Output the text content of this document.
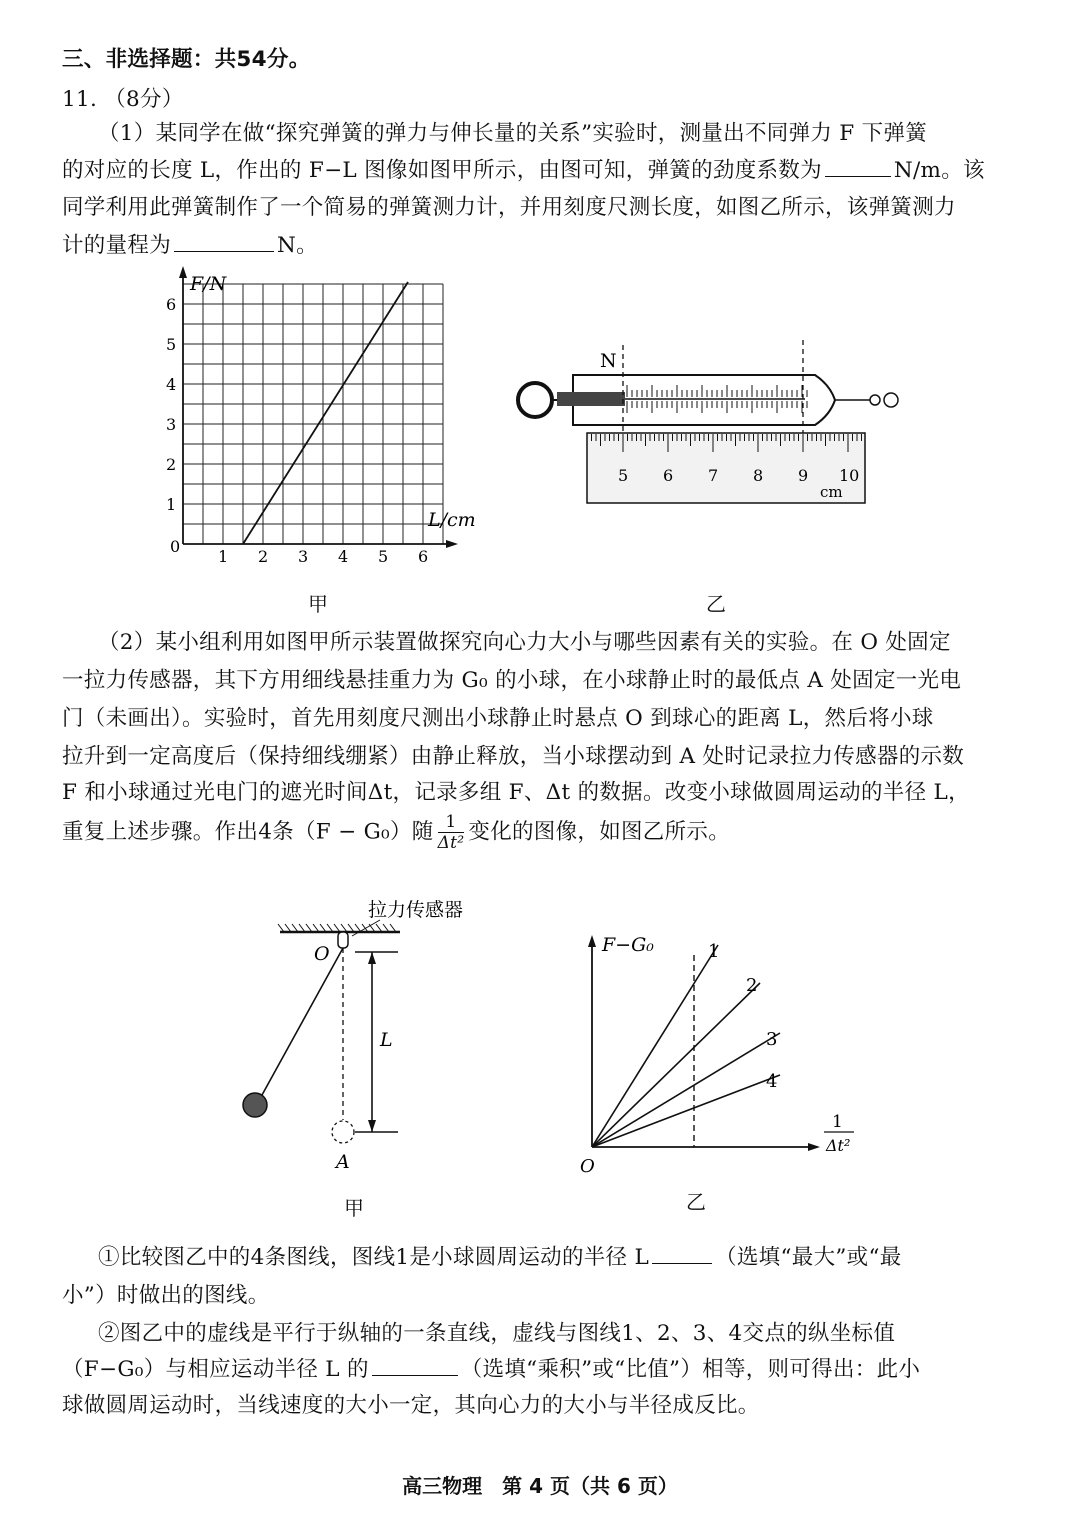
三、非选择题：共54分。
11. （8分）
（1）某同学在做“探究弹簧的弹力与伸长量的关系”实验时，测量出不同弹力 F 下弹簧
的对应的长度 L，作出的 F−L 图像如图甲所示，由图可知，弹簧的劲度系数为	N/m。该
同学利用此弹簧制作了一个简易的弹簧测力计，并用刻度尺测长度，如图乙所示，该弹簧测力
计的量程为	N。
F/N
L/cm
0
1
2
3
4
5
6
1 2 3 4 5 6
N
5 6 7 8 9 10
cm
甲	乙
（2）某小组利用如图甲所示装置做探究向心力大小与哪些因素有关的实验。在 O 处固定
一拉力传感器，其下方用细线悬挂重力为 G₀ 的小球，在小球静止时的最低点 A 处固定一光电
门（未画出）。实验时，首先用刻度尺测出小球静止时悬点 O 到球心的距离 L，然后将小球
拉升到一定高度后（保持细线绷紧）由静止释放，当小球摆动到 A 处时记录拉力传感器的示数
F 和小球通过光电门的遮光时间Δt，记录多组 F、Δt 的数据。改变小球做圆周运动的半径 L，
重复上述步骤。作出4条（F − G₀）随 $\frac{1}{\text{Δt²}}$ 变化的图像，如图乙所示。
拉力传感器
O
L
A
甲
F−G₀
1
Δt²
O
1
2
3
4
乙
①比较图乙中的4条图线，图线1是小球圆周运动的半径 L	（选填“最大”或“最
小”）时做出的图线。
②图乙中的虚线是平行于纵轴的一条直线，虚线与图线1、2、3、4交点的纵坐标值
（F−G₀）与相应运动半径 L 的	（选填“乘积”或“比值”）相等，则可得出：此小
球做圆周运动时，当线速度的大小一定，其向心力的大小与半径成反比。
高三物理　第 4 页（共 6 页）
